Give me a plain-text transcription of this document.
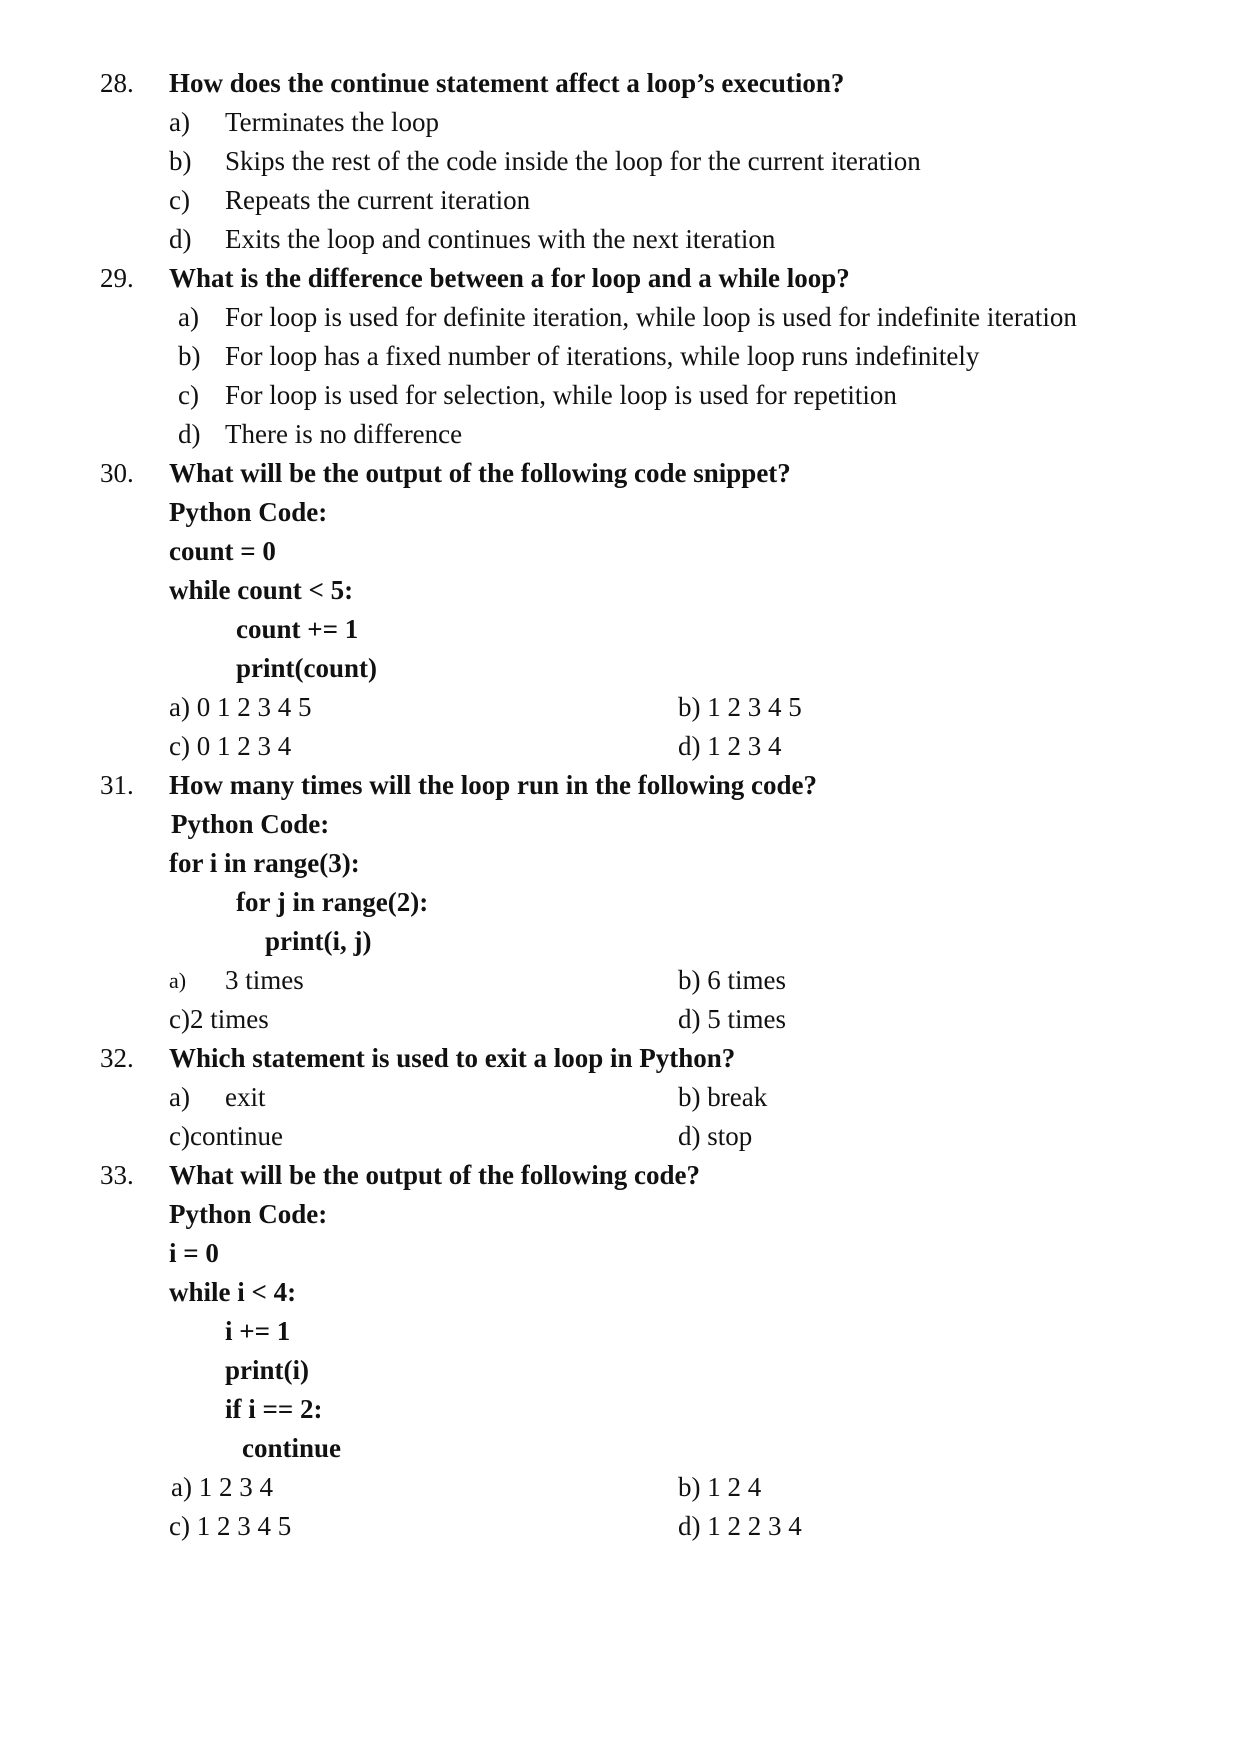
28. How does the continue statement affect a loop’s execution?
a) Terminates the loop
b) Skips the rest of the code inside the loop for the current iteration
c) Repeats the current iteration
d) Exits the loop and continues with the next iteration
29. What is the difference between a for loop and a while loop?
a) For loop is used for definite iteration, while loop is used for indefinite iteration
b) For loop has a fixed number of iterations, while loop runs indefinitely
c) For loop is used for selection, while loop is used for repetition
d) There is no difference
30. What will be the output of the following code snippet?
Python Code:
count = 0
while count < 5:
count += 1
print(count)
a) 0 1 2 3 4 5	b) 1 2 3 4 5
c) 0 1 2 3 4	d) 1 2 3 4
31. How many times will the loop run in the following code?
Python Code:
for i in range(3):
for j in range(2):
print(i, j)
a) 3 times	b) 6 times
c)2 times	d) 5 times
32. Which statement is used to exit a loop in Python?
a) exit	b) break
c)continue	d) stop
33. What will be the output of the following code?
Python Code:
i = 0
while i < 4:
i += 1
print(i)
if i == 2:
continue
a) 1 2 3 4	b) 1 2 4
c) 1 2 3 4 5	d) 1 2 2 3 4
